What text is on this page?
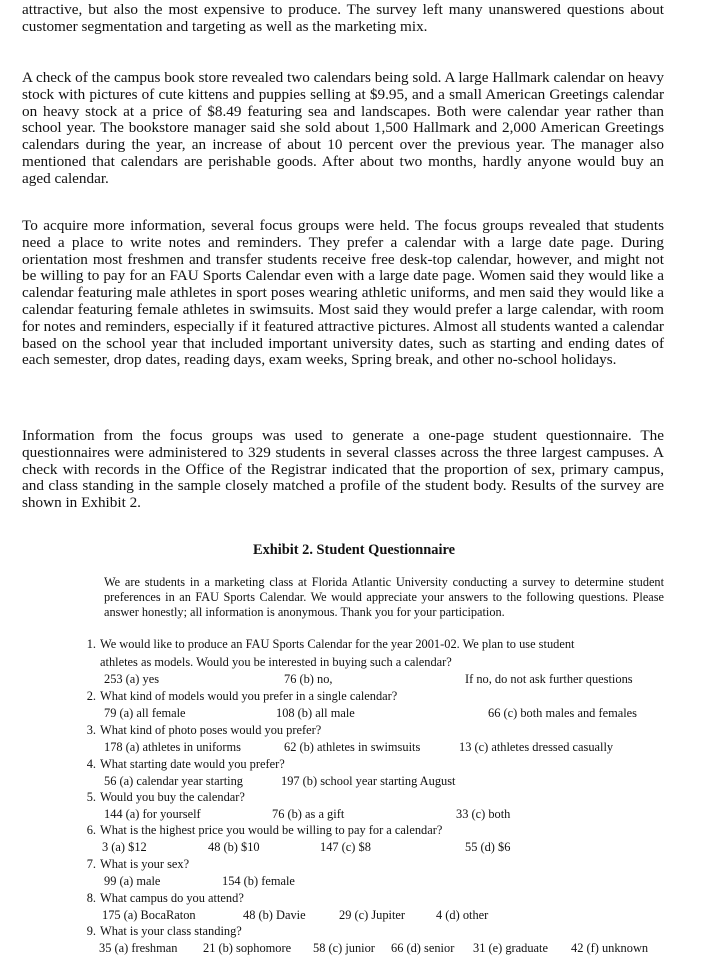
attractive, but also the most expensive to produce. The survey left many unanswered questions about customer segmentation and targeting as well as the marketing mix.

A check of the campus book store revealed two calendars being sold. A large Hallmark calendar on heavy stock with pictures of cute kittens and puppies selling at $9.95, and a small American Greetings calendar on heavy stock at a price of $8.49 featuring sea and landscapes. Both were calendar year rather than school year. The bookstore manager said she sold about 1,500 Hallmark and 2,000 American Greetings calendars during the year, an increase of about 10 percent over the previous year. The manager also mentioned that calendars are perishable goods. After about two months, hardly anyone would buy an aged calendar.

To acquire more information, several focus groups were held. The focus groups revealed that students need a place to write notes and reminders. They prefer a calendar with a large date page. During orientation most freshmen and transfer students receive free desk-top calendar, however, and might not be willing to pay for an FAU Sports Calendar even with a large date page. Women said they would like a calendar featuring male athletes in sport poses wearing athletic uniforms, and men said they would like a calendar featuring female athletes in swimsuits. Most said they would prefer a large calendar, with room for notes and reminders, especially if it featured attractive pictures. Almost all students wanted a calendar based on the school year that included important university dates, such as starting and ending dates of each semester, drop dates, reading days, exam weeks, Spring break, and other no-school holidays.

Information from the focus groups was used to generate a one-page student questionnaire. The questionnaires were administered to 329 students in several classes across the three largest campuses. A check with records in the Office of the Registrar indicated that the proportion of sex, primary campus, and class standing in the sample closely matched a profile of the student body. Results of the survey are shown in Exhibit 2.

Exhibit 2. Student Questionnaire

We are students in a marketing class at Florida Atlantic University conducting a survey to determine student preferences in an FAU Sports Calendar. We would appreciate your answers to the following questions. Please answer honestly; all information is anonymous. Thank you for your participation.

1. We would like to produce an FAU Sports Calendar for the year 2001-02. We plan to use student
athletes as models. Would you be interested in buying such a calendar?
253 (a) yes	76 (b) no,	If no, do not ask further questions
2. What kind of models would you prefer in a single calendar?
79 (a) all female	108 (b) all male	66 (c) both males and females
3. What kind of photo poses would you prefer?
178 (a) athletes in uniforms	62 (b) athletes in swimsuits	13 (c) athletes dressed casually
4. What starting date would you prefer?
56 (a) calendar year starting	197 (b) school year starting August
5. Would you buy the calendar?
144 (a) for yourself	76 (b) as a gift	33 (c) both
6. What is the highest price you would be willing to pay for a calendar?
3 (a) $12	48 (b) $10	147 (c) $8	55 (d) $6
7. What is your sex?
99 (a) male	154 (b) female
8. What campus do you attend?
175 (a) BocaRaton	48 (b) Davie	29 (c) Jupiter 4 (d) other
9. What is your class standing?
35 (a) freshman 21 (b) sophomore 58 (c) junior 66 (d) senior 31 (e) graduate 42 (f) unknown
